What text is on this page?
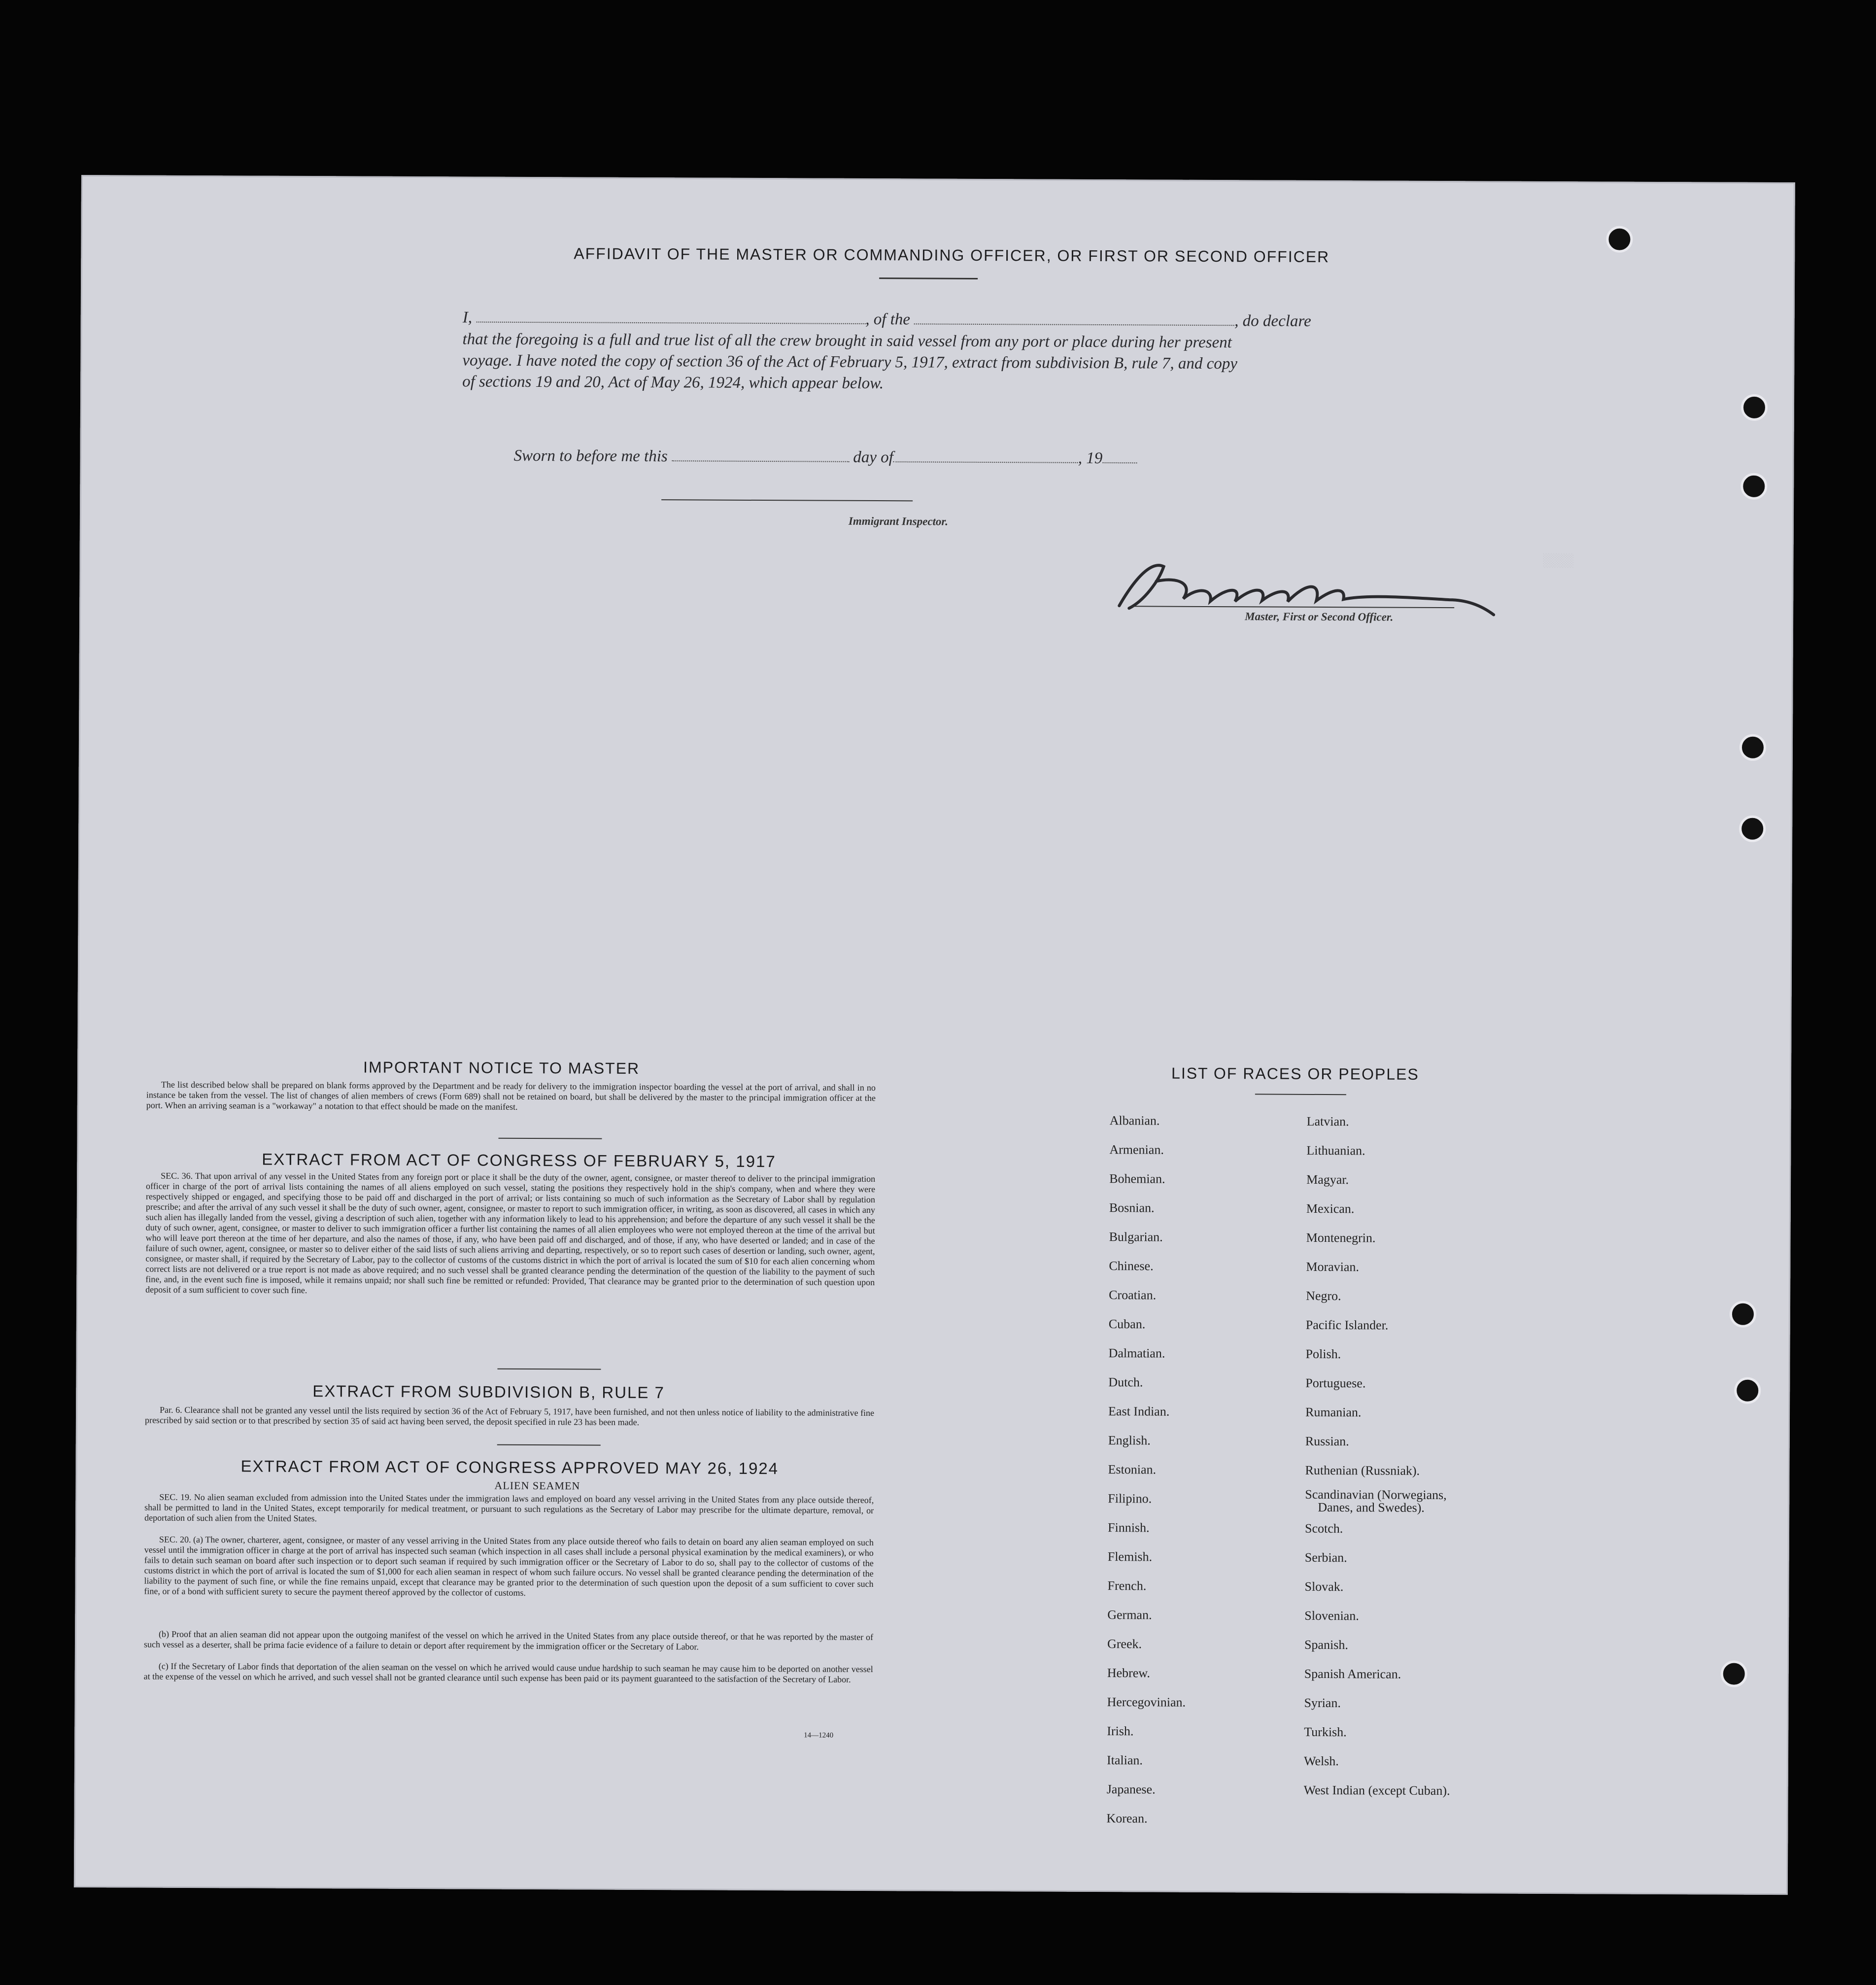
░░░░
AFFIDAVIT OF THE MASTER OR COMMANDING OFFICER, OR FIRST OR SECOND OFFICER
I,	, of the	, do declare
that the foregoing is a full and true list of all the crew brought in said vessel from any port or place during her present
voyage. I have noted the copy of section 36 of the Act of February 5, 1917, extract from subdivision B, rule 7, and copy
of sections 19 and 20, Act of May 26, 1924, which appear below.
Master, First or Second Officer.
Sworn to before me this	day of	, 19
Immigrant Inspector.
IMPORTANT NOTICE TO MASTER
The list described below shall be prepared on blank forms approved by the Department and be ready for delivery to the immigration inspector boarding the vessel at the port of arrival, and shall in no instance be taken from the vessel. The list of changes of alien members of crews (Form 689) shall not be retained on board, but shall be delivered by the master to the principal immigration officer at the port. When an arriving seaman is a "workaway" a notation to that effect should be made on the manifest.
EXTRACT FROM ACT OF CONGRESS OF FEBRUARY 5, 1917
SEC. 36. That upon arrival of any vessel in the United States from any foreign port or place it shall be the duty of the owner, agent, consignee, or master thereof to deliver to the principal immigration officer in charge of the port of arrival lists containing the names of all aliens employed on such vessel, stating the positions they respectively hold in the ship's company, when and where they were respectively shipped or engaged, and specifying those to be paid off and discharged in the port of arrival; or lists containing so much of such information as the Secretary of Labor shall by regulation prescribe; and after the arrival of any such vessel it shall be the duty of such owner, agent, consignee, or master to report to such immigration officer, in writing, as soon as discovered, all cases in which any such alien has illegally landed from the vessel, giving a description of such alien, together with any information likely to lead to his apprehension; and before the departure of any such vessel it shall be the duty of such owner, agent, consignee, or master to deliver to such immigration officer a further list containing the names of all alien employees who were not employed thereon at the time of the arrival but who will leave port thereon at the time of her departure, and also the names of those, if any, who have been paid off and discharged, and of those, if any, who have deserted or landed; and in case of the failure of such owner, agent, consignee, or master so to deliver either of the said lists of such aliens arriving and departing, respectively, or so to report such cases of desertion or landing, such owner, agent, consignee, or master shall, if required by the Secretary of Labor, pay to the collector of customs of the customs district in which the port of arrival is located the sum of $10 for each alien concerning whom correct lists are not delivered or a true report is not made as above required; and no such vessel shall be granted clearance pending the determination of the question of the liability to the payment of such fine, and, in the event such fine is imposed, while it remains unpaid; nor shall such fine be remitted or refunded: Provided, That clearance may be granted prior to the determination of such question upon deposit of a sum sufficient to cover such fine.
EXTRACT FROM SUBDIVISION B, RULE 7
Par. 6. Clearance shall not be granted any vessel until the lists required by section 36 of the Act of February 5, 1917, have been furnished, and not then unless notice of liability to the administrative fine prescribed by said section or to that prescribed by section 35 of said act having been served, the deposit specified in rule 23 has been made.
EXTRACT FROM ACT OF CONGRESS APPROVED MAY 26, 1924
ALIEN SEAMEN
SEC. 19. No alien seaman excluded from admission into the United States under the immigration laws and employed on board any vessel arriving in the United States from any place outside thereof, shall be permitted to land in the United States, except temporarily for medical treatment, or pursuant to such regulations as the Secretary of Labor may prescribe for the ultimate departure, removal, or deportation of such alien from the United States.
SEC. 20. (a) The owner, charterer, agent, consignee, or master of any vessel arriving in the United States from any place outside thereof who fails to detain on board any alien seaman employed on such vessel until the immigration officer in charge at the port of arrival has inspected such seaman (which inspection in all cases shall include a personal physical examination by the medical examiners), or who fails to detain such seaman on board after such inspection or to deport such seaman if required by such immigration officer or the Secretary of Labor to do so, shall pay to the collector of customs of the customs district in which the port of arrival is located the sum of $1,000 for each alien seaman in respect of whom such failure occurs. No vessel shall be granted clearance pending the determination of the liability to the payment of such fine, or while the fine remains unpaid, except that clearance may be granted prior to the determination of such question upon the deposit of a sum sufficient to cover such fine, or of a bond with sufficient surety to secure the payment thereof approved by the collector of customs.
(b) Proof that an alien seaman did not appear upon the outgoing manifest of the vessel on which he arrived in the United States from any place outside thereof, or that he was reported by the master of such vessel as a deserter, shall be prima facie evidence of a failure to detain or deport after requirement by the immigration officer or the Secretary of Labor.
(c) If the Secretary of Labor finds that deportation of the alien seaman on the vessel on which he arrived would cause undue hardship to such seaman he may cause him to be deported on another vessel at the expense of the vessel on which he arrived, and such vessel shall not be granted clearance until such expense has been paid or its payment guaranteed to the satisfaction of the Secretary of Labor.
14—1240
LIST OF RACES OR PEOPLES
Albanian.
Armenian.
Bohemian.
Bosnian.
Bulgarian.
Chinese.
Croatian.
Cuban.
Dalmatian.
Dutch.
East Indian.
English.
Estonian.
Filipino.
Finnish.
Flemish.
French.
German.
Greek.
Hebrew.
Hercegovinian.
Irish.
Italian.
Japanese.
Korean.
Latvian.
Lithuanian.
Magyar.
Mexican.
Montenegrin.
Moravian.
Negro.
Pacific Islander.
Polish.
Portuguese.
Rumanian.
Russian.
Ruthenian (Russniak).
Scandinavian (Norwegians,
Danes, and Swedes).
Scotch.
Serbian.
Slovak.
Slovenian.
Spanish.
Spanish American.
Syrian.
Turkish.
Welsh.
West Indian (except Cuban).
